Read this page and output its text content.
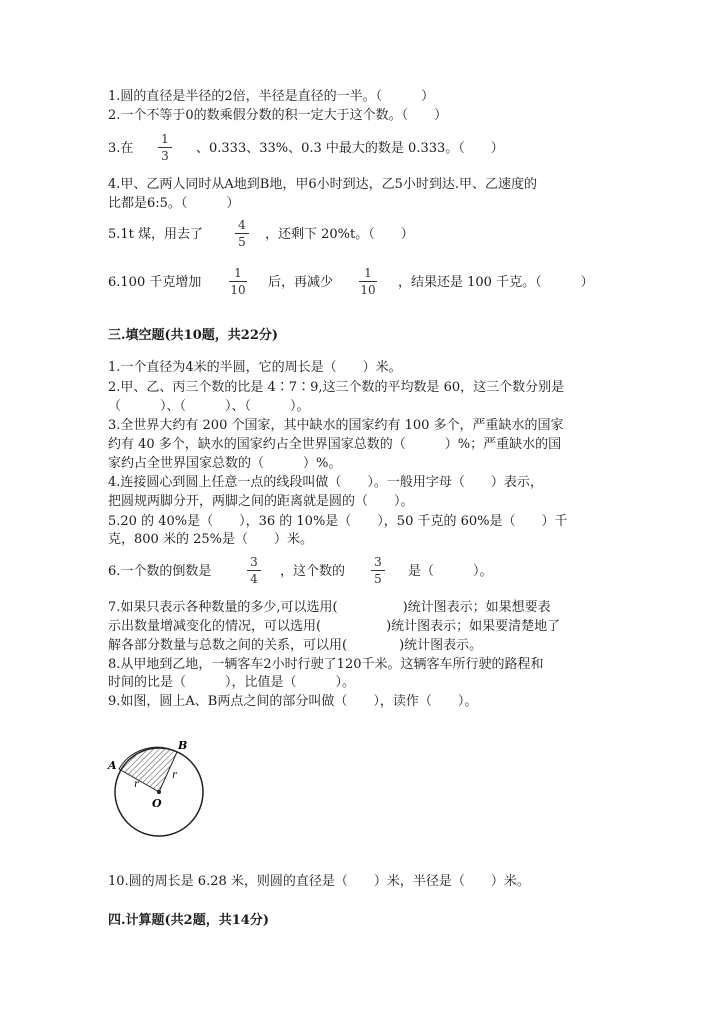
1.圆的直径是半径的2倍，半径是直径的一半。（　　　）
2.一个不等于0的数乘假分数的积一定大于这个数。（　　）
3.在
1
3 、0.333、33%、0.3 中最大的数是 0.333。（　　）
4.甲、乙两人同时从A地到B地，甲6小时到达，乙5小时到达.甲、乙速度的
比都是6:5。（　　　）
5.1t 煤，用去了
4
5 ，还剩下 20%t。（　　）
6.100 千克增加
1
10 后，再减少
1
10 ，结果还是 100 千克。（　　　）
三.填空题(共10题，共22分)
1.一个直径为4米的半圆，它的周长是（　　）米。
2.甲、乙、丙三个数的比是 4∶7∶9,这三个数的平均数是 60，这三个数分别是
（　　　）、（　　　）、（　　　）。
3.全世界大约有 200 个国家，其中缺水的国家约有 100 多个，严重缺水的国家
约有 40 多个，缺水的国家约占全世界国家总数的（　　　）%；严重缺水的国
家约占全世界国家总数的（　　　）%。
4.连接圆心到圆上任意一点的线段叫做（　　）。一般用字母（　　）表示，
把圆规两脚分开，两脚之间的距离就是圆的（　　）。
5.20 的 40%是（　　），36 的 10%是（　　），50 千克的 60%是（　　）千
克，800 米的 25%是（　　）米。
6.一个数的倒数是
3
4 ，这个数的
3
5 是（　　　）。
7.如果只表示各种数量的多少,可以选用(　　　　　)统计图表示；如果想要表
示出数量增减变化的情况，可以选用(　　　　　)统计图表示；如果要清楚地了
解各部分数量与总数之间的关系，可以用(　　　　)统计图表示。
8.从甲地到乙地，一辆客车2小时行驶了120千米。这辆客车所行驶的路程和
时间的比是（　　　），比值是（　　　）。
9.如图，圆上A、B两点之间的部分叫做（　　），读作（　　）。
A
B
O
r
r
10.圆的周长是 6.28 米，则圆的直径是（　　）米，半径是（　　）米。
四.计算题(共2题，共14分)
